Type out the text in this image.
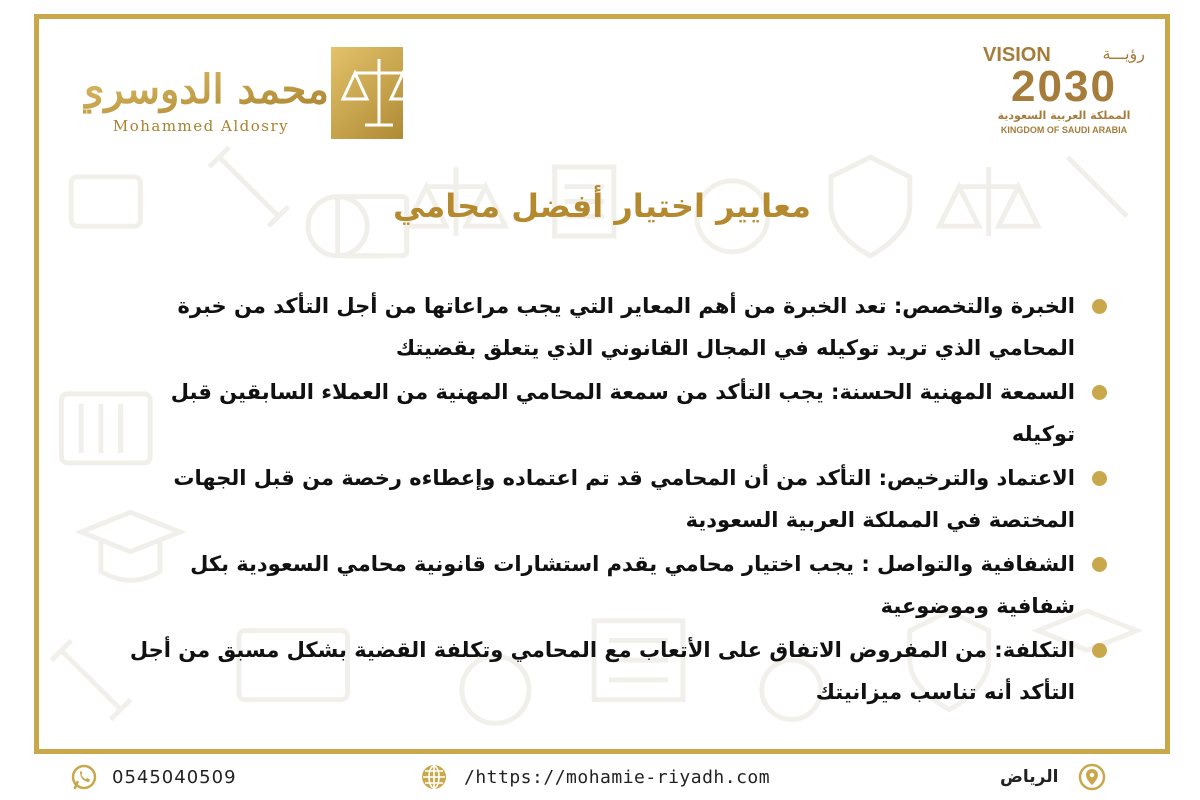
محمد الدوسري
Mohammed Aldosry
VISION	رؤيـــة
2030
المملكة العربية السعودية
KINGDOM OF SAUDI ARABIA
معايير اختيار أفضل محامي
الخبرة والتخصص: تعد الخبرة من أهم المعاير التي يجب مراعاتها من أجل التأكد من خبرة المحامي الذي تريد توكيله في المجال القانوني الذي يتعلق بقضيتك
السمعة المهنية الحسنة: يجب التأكد من سمعة المحامي المهنية من العملاء السابقين قبل توكيله
الاعتماد والترخيص: التأكد من أن المحامي قد تم اعتماده وإعطاءه رخصة من قبل الجهات المختصة في المملكة العربية السعودية
الشفافية والتواصل : يجب اختيار محامي يقدم استشارات قانونية محامي السعودية بكل شفافية وموضوعية
التكلفة: من المفروض الاتفاق على الأتعاب مع المحامي وتكلفة القضية بشكل مسبق من أجل التأكد أنه تناسب ميزانيتك
0545040509	/https://mohamie-riyadh.com	الرياض
